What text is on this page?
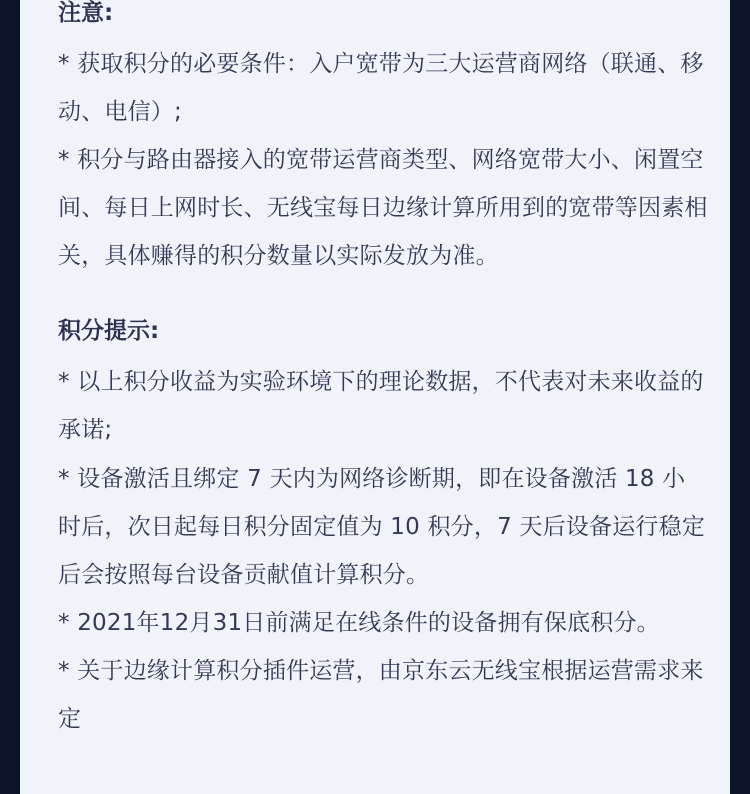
注意:
* 获取积分的必要条件：入户宽带为三大运营商网络（联通、移动、电信）;
* 积分与路由器接入的宽带运营商类型、网络宽带大小、闲置空间、每日上网时长、无线宝每日边缘计算所用到的宽带等因素相关，具体赚得的积分数量以实际发放为准。
积分提示:
* 以上积分收益为实验环境下的理论数据，不代表对未来收益的承诺;
* 设备激活且绑定 7 天内为网络诊断期，即在设备激活 18 小时后，次日起每日积分固定值为 10 积分，7 天后设备运行稳定后会按照每台设备贡献值计算积分。
* 2021年12月31日前满足在线条件的设备拥有保底积分。
* 关于边缘计算积分插件运营，由京东云无线宝根据运营需求来定
